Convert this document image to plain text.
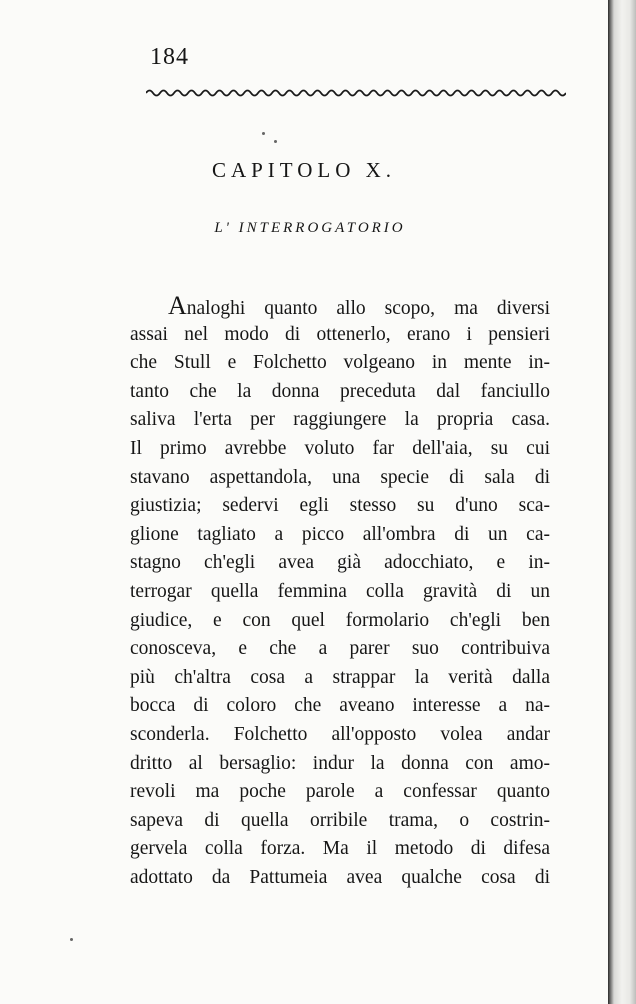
184
CAPITOLO X.
L' INTERROGATORIO
Analoghi quanto allo scopo, ma diversi
assai nel modo di ottenerlo, erano i pensieri
che Stull e Folchetto volgeano in mente in-
tanto che la donna preceduta dal fanciullo
saliva l'erta per raggiungere la propria casa.
Il primo avrebbe voluto far dell'aia, su cui
stavano aspettandola, una specie di sala di
giustizia; sedervi egli stesso su d'uno sca-
glione tagliato a picco all'ombra di un ca-
stagno ch'egli avea già adocchiato, e in-
terrogar quella femmina colla gravità di un
giudice, e con quel formolario ch'egli ben
conosceva, e che a parer suo contribuiva
più ch'altra cosa a strappar la verità dalla
bocca di coloro che aveano interesse a na-
sconderla. Folchetto all'opposto volea andar
dritto al bersaglio: indur la donna con amo-
revoli ma poche parole a confessar quanto
sapeva di quella orribile trama, o costrin-
gervela colla forza. Ma il metodo di difesa
adottato da Pattumeia avea qualche cosa di
